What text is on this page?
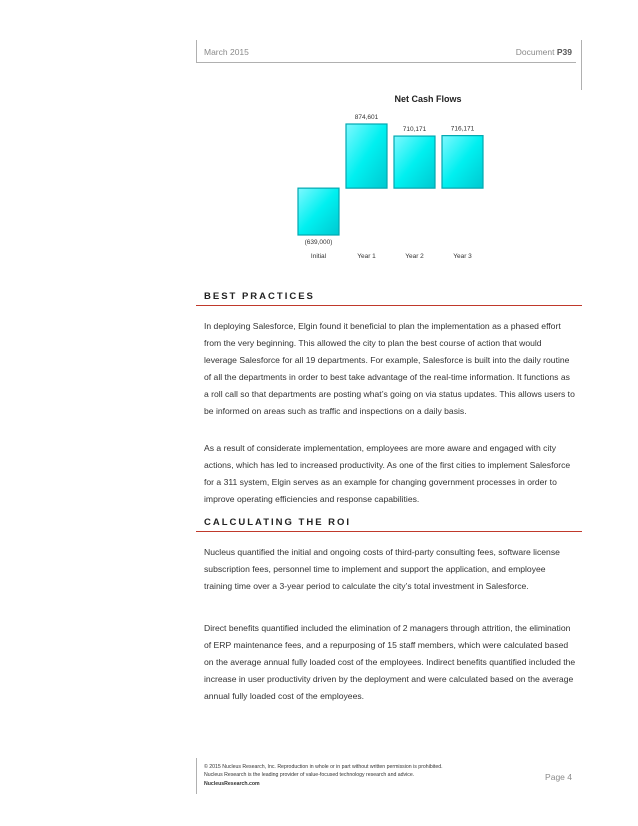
March 2015	Document P39
Net Cash Flows
(639,000)
874,601
710,171	716,171
Initial	Year 1	Year 2	Year 3
BEST PRACTICES

In deploying Salesforce, Elgin found it beneficial to plan the implementation as a phased effort from the very beginning. This allowed the city to plan the best course of action that would leverage Salesforce for all 19 departments. For example, Salesforce is built into the daily routine of all the departments in order to best take advantage of the real-time information. It functions as a roll call so that departments are posting what’s going on via status updates. This allows users to be informed on areas such as traffic and inspections on a daily basis.

As a result of considerate implementation, employees are more aware and engaged with city actions, which has led to increased productivity. As one of the first cities to implement Salesforce for a 311 system, Elgin serves as an example for changing government processes in order to improve operating efficiencies and response capabilities.

CALCULATING THE ROI

Nucleus quantified the initial and ongoing costs of third-party consulting fees, software license subscription fees, personnel time to implement and support the application, and employee training time over a 3-year period to calculate the city’s total investment in Salesforce.

Direct benefits quantified included the elimination of 2 managers through attrition, the elimination of ERP maintenance fees, and a repurposing of 15 staff members, which were calculated based on the average annual fully loaded cost of the employees. Indirect benefits quantified included the increase in user productivity driven by the deployment and were calculated based on the average annual fully loaded cost of the employees.

© 2015 Nucleus Research, Inc. Reproduction in whole or in part without written permission is prohibited.
Nucleus Research is the leading provider of value-focused technology research and advice.
NucleusResearch.com
Page 4
